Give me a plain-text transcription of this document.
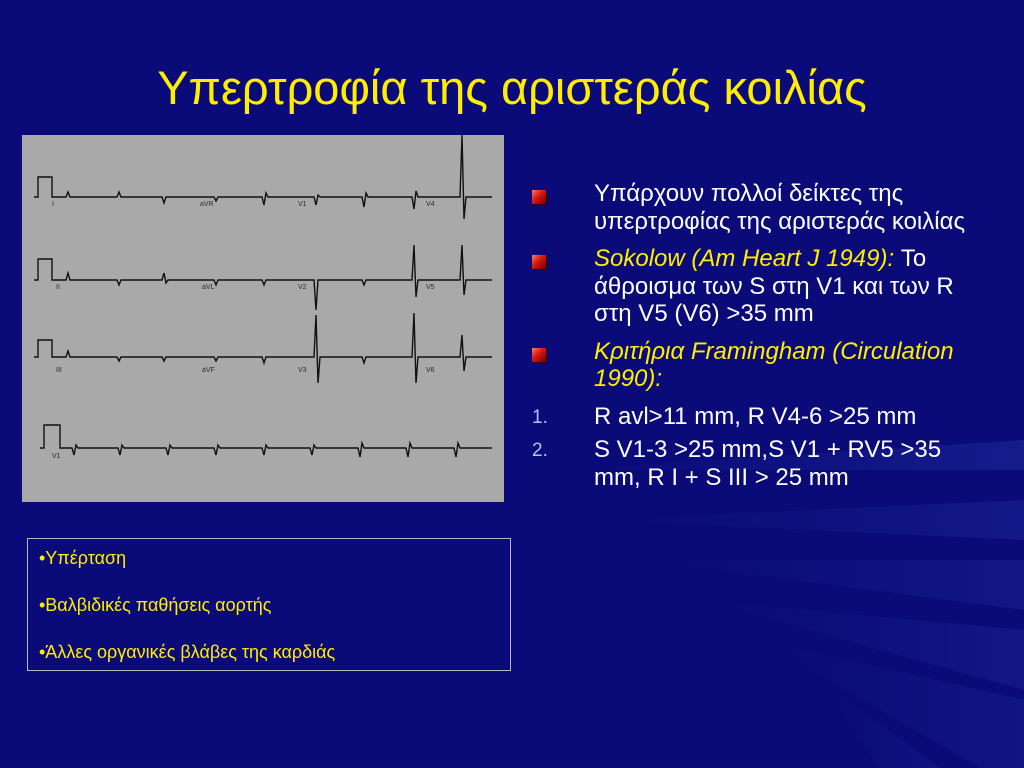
Υπερτροφία της αριστεράς κοιλίας
I	aVR	V1	V4
II	aVL	V2	V5
III	aVF	V3	V6
V1
Υπάρχουν πολλοί δείκτες της υπερτροφίας της αριστεράς κοιλίας
Sokolow (Am Heart J 1949): Το άθροισμα των S στη V1 και των R στη V5 (V6) >35 mm
Κριτήρια Framingham (Circulation 1990):
1. R avl>11 mm, R V4-6 >25 mm
2. S V1-3 >25 mm,S V1 + RV5 >35 mm, R I + S III > 25 mm
•Υπέρταση
•Βαλβιδικές παθήσεις αορτής
•Άλλες οργανικές βλάβες της καρδιάς
